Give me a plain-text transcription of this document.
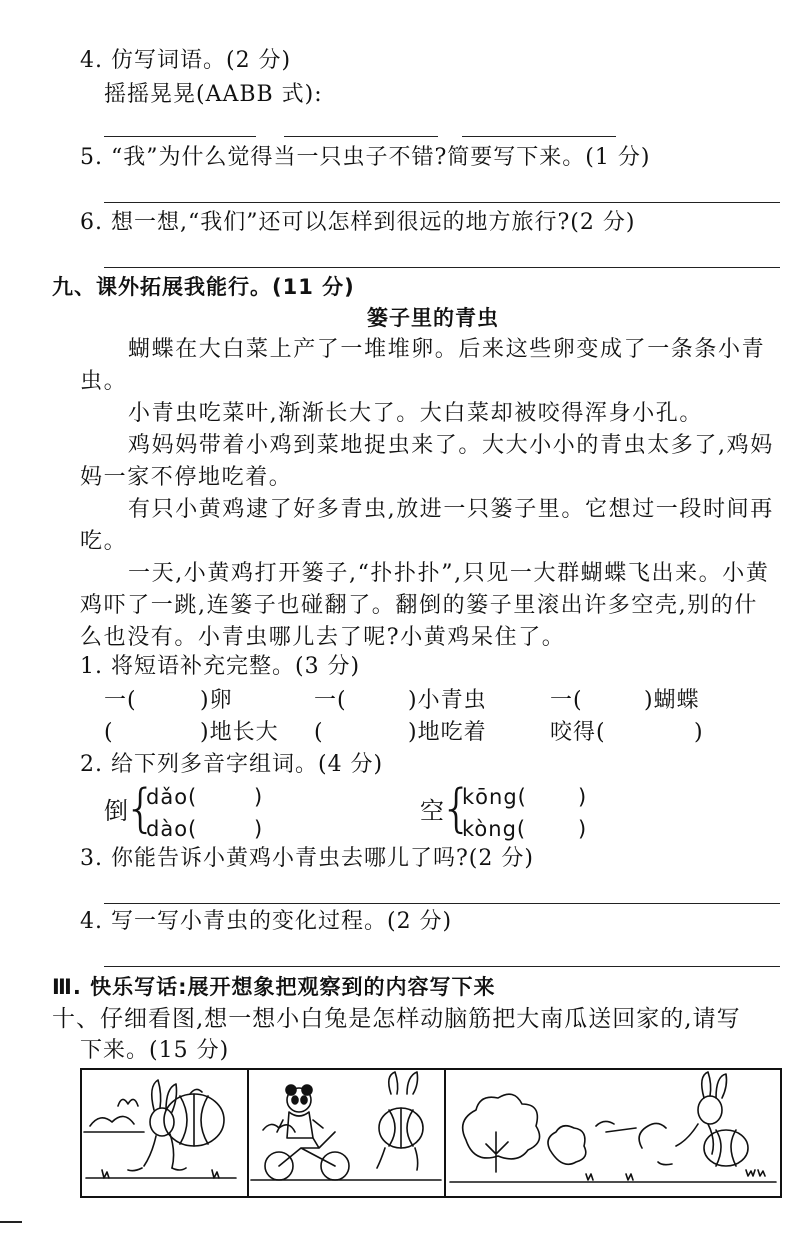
4. 仿写词语。(2 分)
摇摇晃晃(AABB 式):
5. “我”为什么觉得当一只虫子不错?简要写下来。(1 分)
6. 想一想,“我们”还可以怎样到很远的地方旅行?(2 分)
九、课外拓展我能行。(11 分)
篓子里的青虫
蝴蝶在大白菜上产了一堆堆卵。后来这些卵变成了一条条小青虫。
小青虫吃菜叶,渐渐长大了。大白菜却被咬得浑身小孔。
鸡妈妈带着小鸡到菜地捉虫来了。大大小小的青虫太多了,鸡妈妈一家不停地吃着。
有只小黄鸡逮了好多青虫,放进一只篓子里。它想过一段时间再吃。
一天,小黄鸡打开篓子,“扑扑扑”,只见一大群蝴蝶飞出来。小黄鸡吓了一跳,连篓子也碰翻了。翻倒的篓子里滚出许多空壳,别的什么也没有。小青虫哪儿去了呢?小黄鸡呆住了。
1. 将短语补充完整。(3 分)
一(	)卵	一(	)小青虫	一(	)蝴蝶
(	)地长大 (	)地吃着	咬得(	)
2. 给下列多音字组词。(4 分)
倒
{
dǎo(	)
dào(	)
空
{
kōng( )
kòng( )
3. 你能告诉小黄鸡小青虫去哪儿了吗?(2 分)
4. 写一写小青虫的变化过程。(2 分)
Ⅲ. 快乐写话:展开想象把观察到的内容写下来
十、仔细看图,想一想小白兔是怎样动脑筋把大南瓜送回家的,请写
下来。(15 分)
